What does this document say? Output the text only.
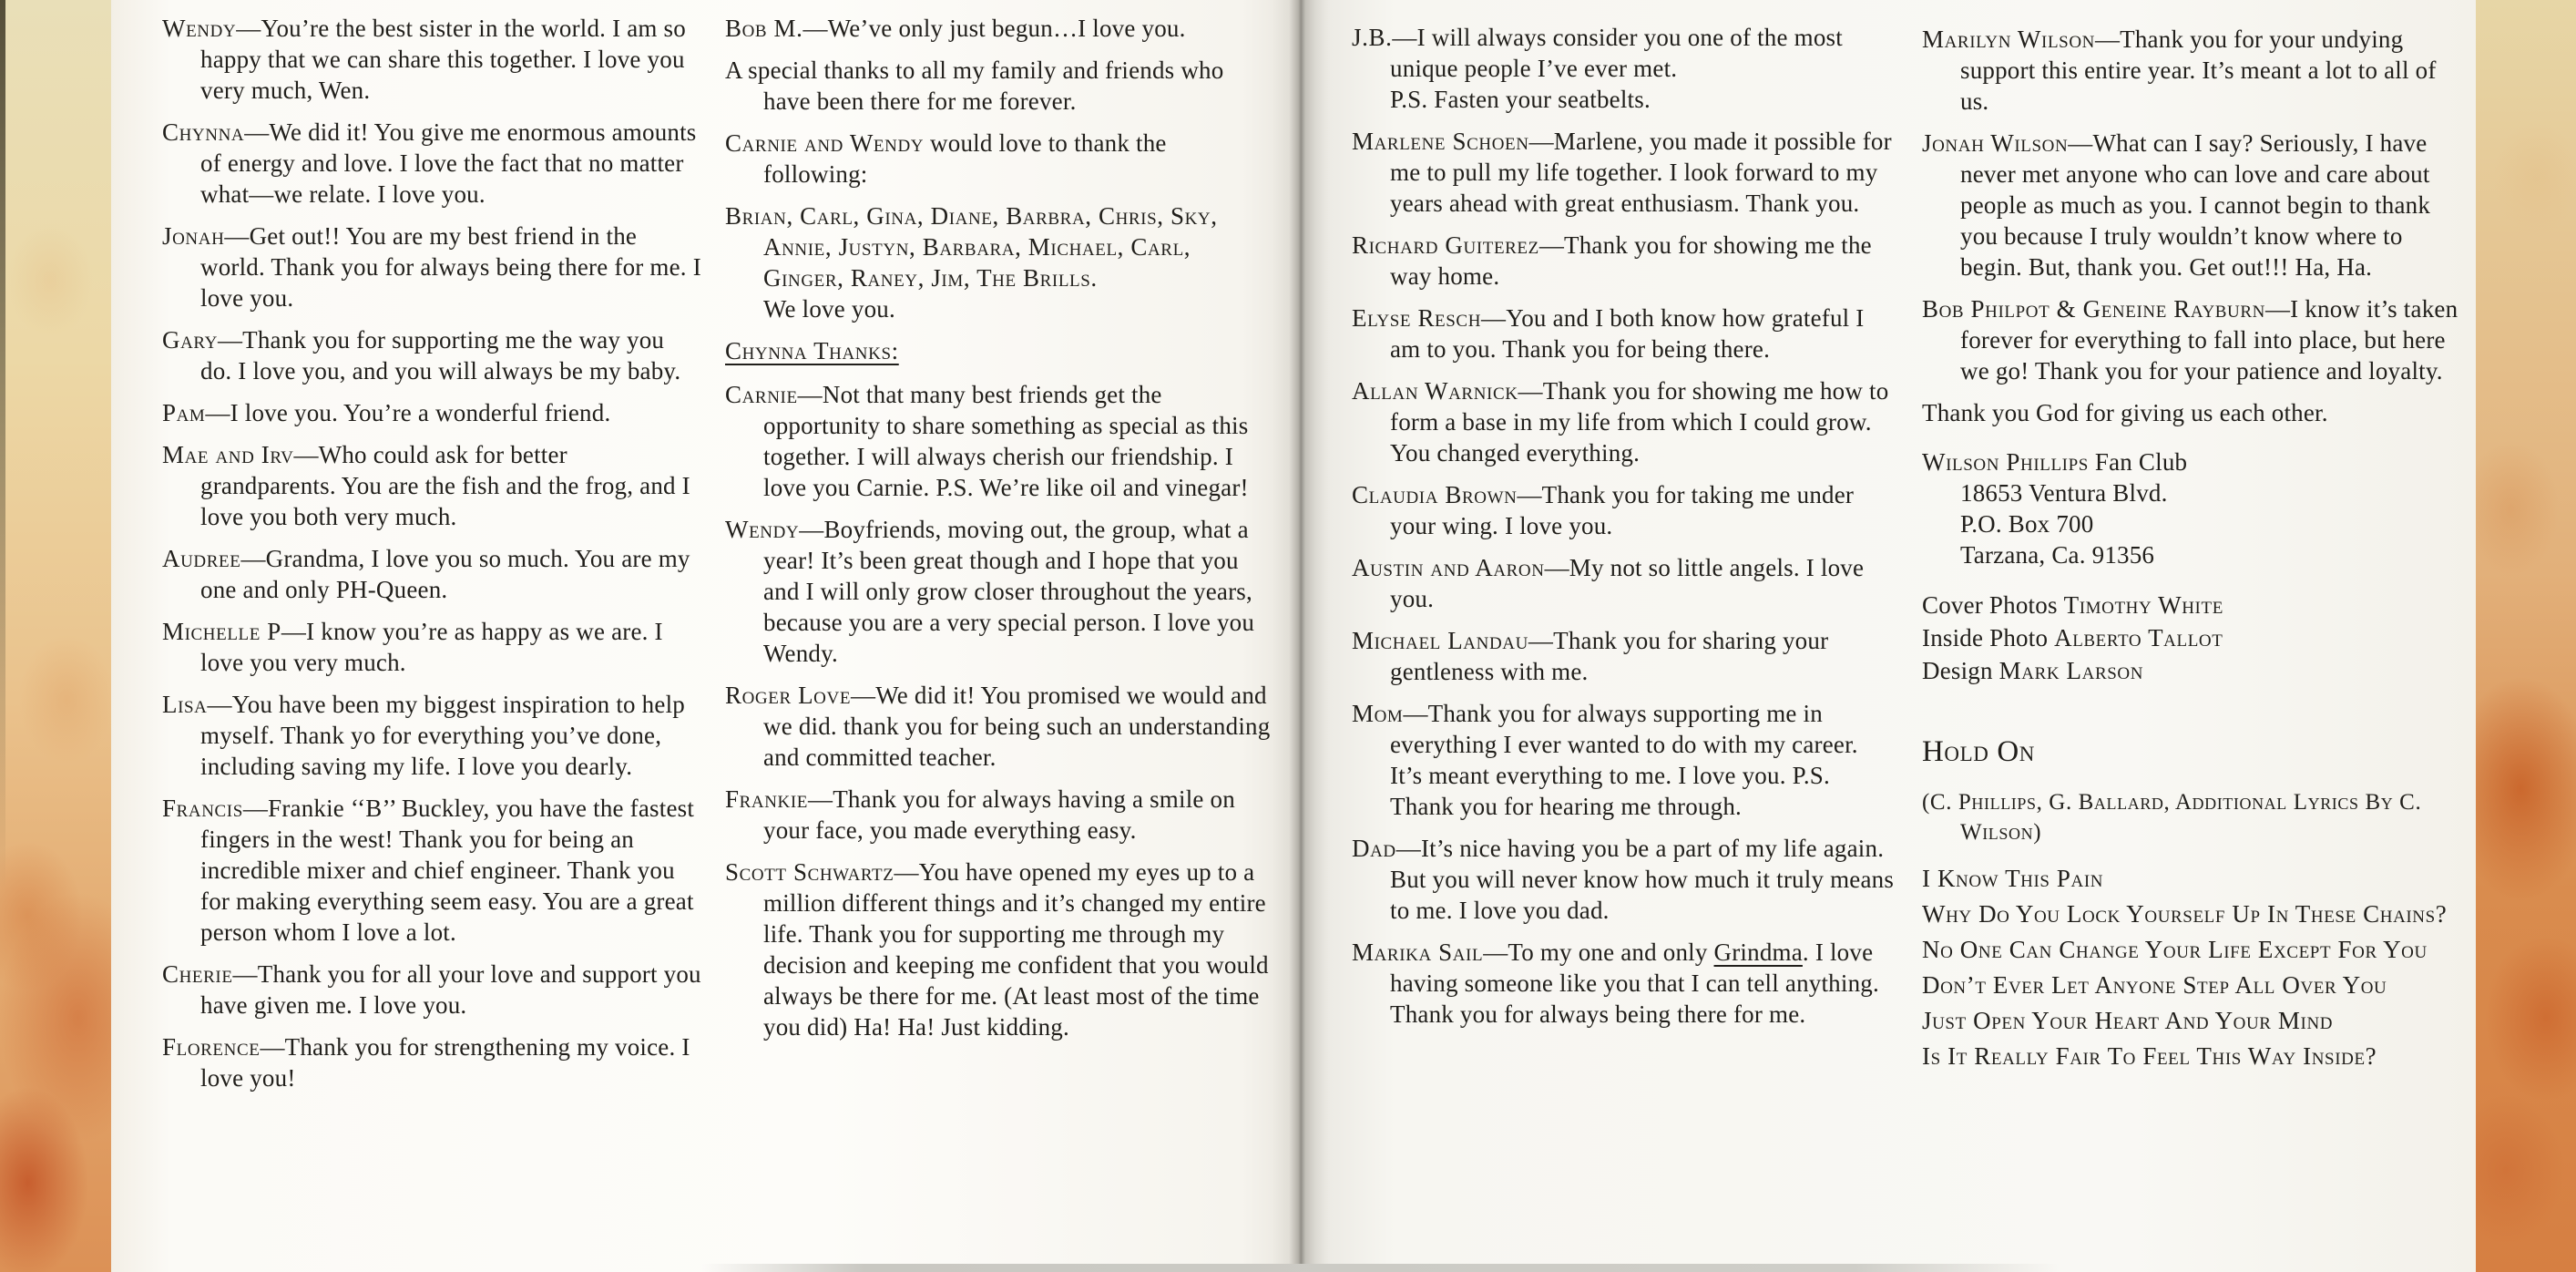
Wendy—You’re the best sister in the world. I am so happy that we can share this together. I love you very much, Wen.

Chynna—We did it! You give me enormous amounts of energy and love. I love the fact that no matter what—we relate. I love you.

Jonah—Get out!! You are my best friend in the world. Thank you for always being there for me. I love you.

Gary—Thank you for supporting me the way you do. I love you, and you will always be my baby.

Pam—I love you. You’re a wonderful friend.

Mae and Irv—Who could ask for better grandparents. You are the fish and the frog, and I love you both very much.

Audree—Grandma, I love you so much. You are my one and only PH-Queen.

Michelle P—I know you’re as happy as we are. I love you very much.

Lisa—You have been my biggest inspiration to help myself. Thank yo for everything you’ve done, including saving my life. I love you dearly.

Francis—Frankie ‘‘B’’ Buckley, you have the fastest fingers in the west! Thank you for being an incredible mixer and chief engineer. Thank you for making everything seem easy. You are a great person whom I love a lot.

Cherie—Thank you for all your love and support you have given me. I love you.

Florence—Thank you for strengthening my voice. I love you!

Bob M.—We’ve only just begun…I love you.

A special thanks to all my family and friends who have been there for me forever.

Carnie and Wendy would love to thank the following:

Brian, Carl, Gina, Diane, Barbra, Chris, Sky, Annie, Justyn, Barbara, Michael, Carl, Ginger, Raney, Jim, The Brills.
We love you.

Chynna Thanks:

Carnie—Not that many best friends get the opportunity to share something as special as this together. I will always cherish our friendship. I love you Carnie. P.S. We’re like oil and vinegar!

Wendy—Boyfriends, moving out, the group, what a year! It’s been great though and I hope that you and I will only grow closer throughout the years, because you are a very special person. I love you Wendy.

Roger Love—We did it! You promised we would and we did. thank you for being such an understanding and committed teacher.

Frankie—Thank you for always having a smile on your face, you made everything easy.

Scott Schwartz—You have opened my eyes up to a million different things and it’s changed my entire life. Thank you for supporting me through my decision and keeping me confident that you would always be there for me. (At least most of the time you did) Ha! Ha! Just kidding.

J.B.—I will always consider you one of the most unique people I’ve ever met.
P.S. Fasten your seatbelts.

Marlene Schoen—Marlene, you made it possible for me to pull my life together. I look forward to my years ahead with great enthusiasm. Thank you.

Richard Guiterez—Thank you for showing me the way home.

Elyse Resch—You and I both know how grateful I am to you. Thank you for being there.

Allan Warnick—Thank you for showing me how to form a base in my life from which I could grow. You changed everything.

Claudia Brown—Thank you for taking me under your wing. I love you.

Austin and Aaron—My not so little angels. I love you.

Michael Landau—Thank you for sharing your gentleness with me.

Mom—Thank you for always supporting me in everything I ever wanted to do with my career. It’s meant everything to me. I love you. P.S. Thank you for hearing me through.

Dad—It’s nice having you be a part of my life again. But you will never know how much it truly means to me. I love you dad.

Marika Sail—To my one and only Grindma. I love having someone like you that I can tell anything. Thank you for always being there for me.

Marilyn Wilson—Thank you for your undying support this entire year. It’s meant a lot to all of us.

Jonah Wilson—What can I say? Seriously, I have never met anyone who can love and care about people as much as you. I cannot begin to thank you because I truly wouldn’t know where to begin. But, thank you. Get out!!! Ha, Ha.

Bob Philpot & Geneine Rayburn—I know it’s taken forever for everything to fall into place, but here we go! Thank you for your patience and loyalty.

Thank you God for giving us each other.

Wilson Phillips Fan Club
18653 Ventura Blvd.
P.O. Box 700
Tarzana, Ca. 91356

Cover Photos Timothy White
Inside Photo Alberto Tallot
Design Mark Larson

Hold On

(C. Phillips, G. Ballard, Additional Lyrics By C. Wilson)

I Know This Pain

Why Do You Lock Yourself Up In These Chains?

No One Can Change Your Life Except For You

Don’t Ever Let Anyone Step All Over You

Just Open Your Heart And Your Mind

Is It Really Fair To Feel This Way Inside?
